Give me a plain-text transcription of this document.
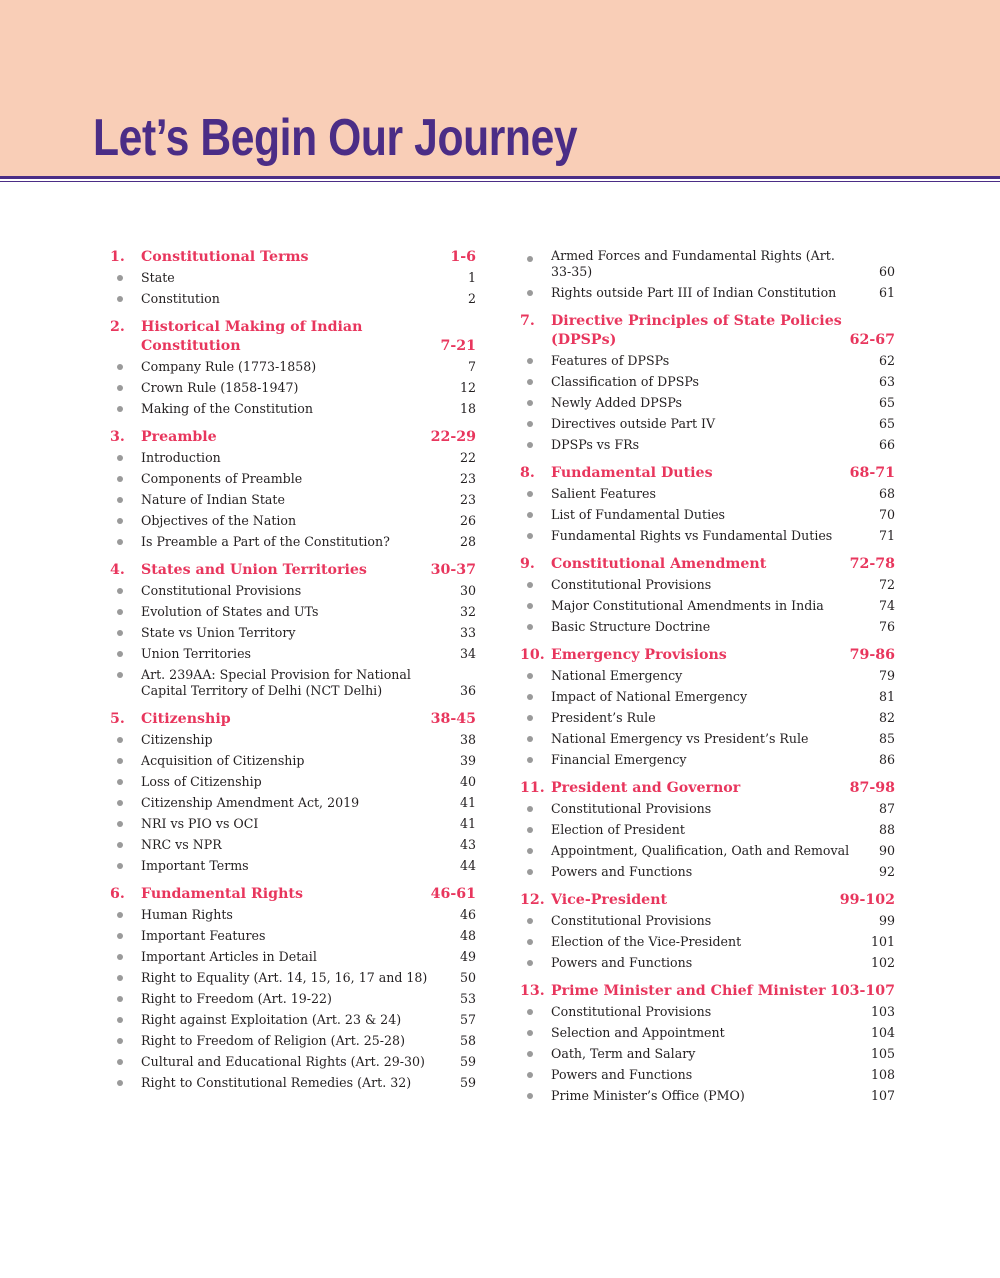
Let’s Begin Our Journey
1. Constitutional Terms	1-6
State	1
Constitution	2
2. Historical Making of Indian Constitution	7-21
Company Rule (1773-1858)	7
Crown Rule (1858-1947)	12
Making of the Constitution	18
3. Preamble	22-29
Introduction	22
Components of Preamble	23
Nature of Indian State	23
Objectives of the Nation	26
Is Preamble a Part of the Constitution?	28
4. States and Union Territories	30-37
Constitutional Provisions	30
Evolution of States and UTs	32
State vs Union Territory	33
Union Territories	34
Art. 239AA: Special Provision for National Capital Territory of Delhi (NCT Delhi)	36
5. Citizenship	38-45
Citizenship	38
Acquisition of Citizenship	39
Loss of Citizenship	40
Citizenship Amendment Act, 2019	41
NRI vs PIO vs OCI	41
NRC vs NPR	43
Important Terms	44
6. Fundamental Rights	46-61
Human Rights	46
Important Features	48
Important Articles in Detail	49
Right to Equality (Art. 14, 15, 16, 17 and 18)	50
Right to Freedom (Art. 19-22)	53
Right against Exploitation (Art. 23 & 24)	57
Right to Freedom of Religion (Art. 25-28)	58
Cultural and Educational Rights (Art. 29-30)	59
Right to Constitutional Remedies (Art. 32)	59
Armed Forces and Fundamental Rights (Art. 33-35)	60
Rights outside Part III of Indian Constitution	61
7. Directive Principles of State Policies (DPSPs)	62-67
Features of DPSPs	62
Classification of DPSPs	63
Newly Added DPSPs	65
Directives outside Part IV	65
DPSPs vs FRs	66
8. Fundamental Duties	68-71
Salient Features	68
List of Fundamental Duties	70
Fundamental Rights vs Fundamental Duties	71
9. Constitutional Amendment	72-78
Constitutional Provisions	72
Major Constitutional Amendments in India	74
Basic Structure Doctrine	76
10. Emergency Provisions	79-86
National Emergency	79
Impact of National Emergency	81
President’s Rule	82
National Emergency vs President’s Rule	85
Financial Emergency	86
11. President and Governor	87-98
Constitutional Provisions	87
Election of President	88
Appointment, Qualification, Oath and Removal 90
Powers and Functions	92
12. Vice-President	99-102
Constitutional Provisions	99
Election of the Vice-President	101
Powers and Functions	102
13. Prime Minister and Chief Minister 103-107
Constitutional Provisions	103
Selection and Appointment	104
Oath, Term and Salary	105
Powers and Functions	108
Prime Minister’s Office (PMO)	107
